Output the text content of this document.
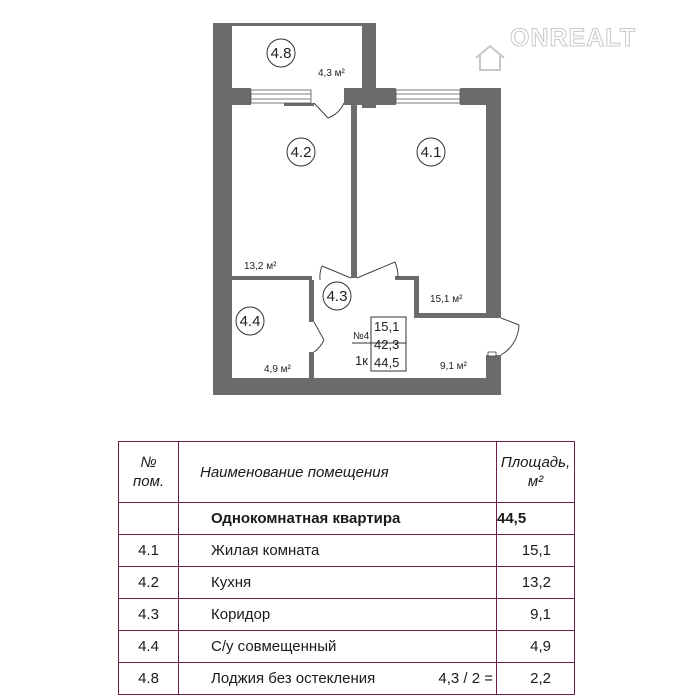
ONREALT
4.8
4,3 м²
4.2
13,2 м²
4.1
15,1 м²
4.3
9,1 м²
4.4
4,9 м²
№4
1к
15,1
42,3
44,5
№
пом.	Наименование помещения	Площадь,
м²
	Однокомнатная квартира	44,5
4.1	Жилая комната	15,1
4.2	Кухня	13,2
4.3	Коридор	9,1
4.4	С/у совмещенный	4,9
4.8	Лоджия без остекления 4,3 / 2 =	2,2
